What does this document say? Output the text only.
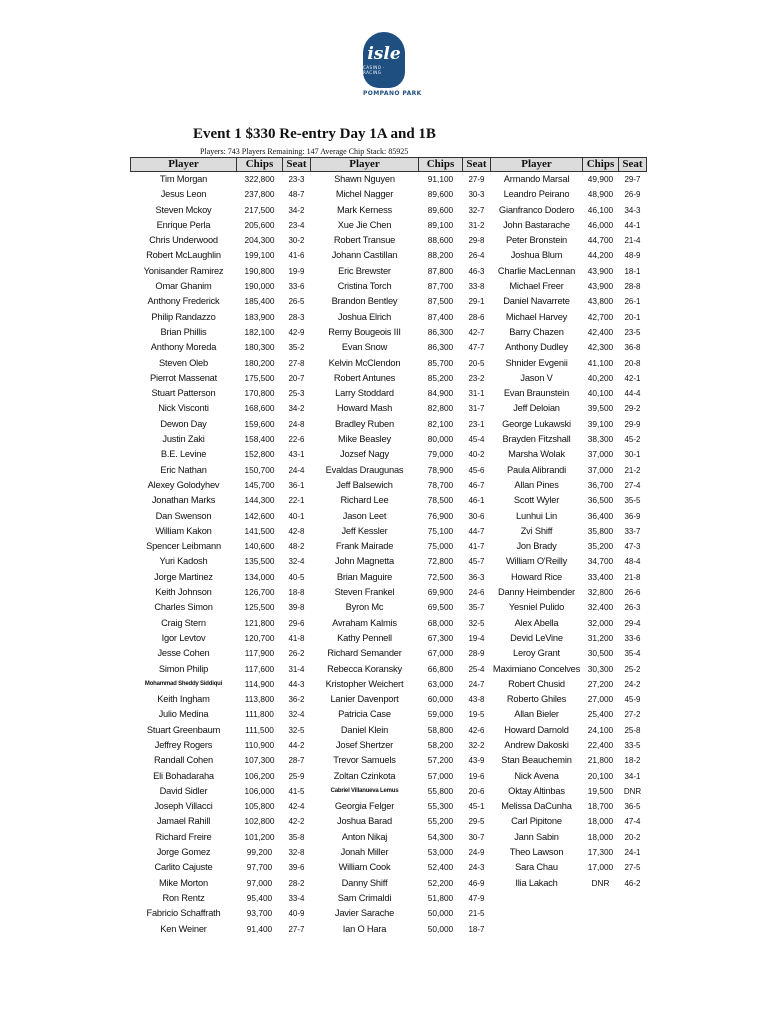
isle
CASINO · RACING
POMPANO PARK
Event 1 $330 Re-entry Day 1A and 1B
Players: 743 Players Remaining: 147 Average Chip Stack: 85925
Player	Chips	Seat	Player	Chips	Seat	Player	Chips	Seat
Tim Morgan	322,800	23-3	Shawn Nguyen	91,100	27-9	Armando Marsal	49,900	29-7
Jesus Leon	237,800	48-7	Michel Nagger	89,600	30-3	Leandro Peirano	48,900	26-9
Steven Mckoy	217,500	34-2	Mark Kerness	89,600	32-7	Gianfranco Dodero	46,100	34-3
Enrique Perla	205,600	23-4	Xue Jie Chen	89,100	31-2	John Bastarache	46,000	44-1
Chris Underwood	204,300	30-2	Robert Transue	88,600	29-8	Peter Bronstein	44,700	21-4
Robert McLaughlin	199,100	41-6	Johann Castillan	88,200	26-4	Joshua Blum	44,200	48-9
Yonisander Ramirez	190,800	19-9	Eric Brewster	87,800	46-3	Charlie MacLennan	43,900	18-1
Omar Ghanim	190,000	33-6	Cristina Torch	87,700	33-8	Michael Freer	43,900	28-8
Anthony Frederick	185,400	26-5	Brandon Bentley	87,500	29-1	Daniel Navarrete	43,800	26-1
Philip Randazzo	183,900	28-3	Joshua Elrich	87,400	28-6	Michael Harvey	42,700	20-1
Brian Phillis	182,100	42-9	Remy Bougeois III	86,300	42-7	Barry Chazen	42,400	23-5
Anthony Moreda	180,300	35-2	Evan Snow	86,300	47-7	Anthony Dudley	42,300	36-8
Steven Oleb	180,200	27-8	Kelvin McClendon	85,700	20-5	Shnider Evgenii	41,100	20-8
Pierrot Massenat	175,500	20-7	Robert Antunes	85,200	23-2	Jason V	40,200	42-1
Stuart Patterson	170,800	25-3	Larry Stoddard	84,900	31-1	Evan Braunstein	40,100	44-4
Nick Visconti	168,600	34-2	Howard Mash	82,800	31-7	Jeff Deloian	39,500	29-2
Dewon Day	159,600	24-8	Bradley Ruben	82,100	23-1	George Lukawski	39,100	29-9
Justin Zaki	158,400	22-6	Mike Beasley	80,000	45-4	Brayden Fitzshall	38,300	45-2
B.E. Levine	152,800	43-1	Jozsef Nagy	79,000	40-2	Marsha Wolak	37,000	30-1
Eric Nathan	150,700	24-4	Evaldas Draugunas	78,900	45-6	Paula Alibrandi	37,000	21-2
Alexey Golodyhev	145,700	36-1	Jeff Balsewich	78,700	46-7	Allan Pines	36,700	27-4
Jonathan Marks	144,300	22-1	Richard Lee	78,500	46-1	Scott Wyler	36,500	35-5
Dan Swenson	142,600	40-1	Jason Leet	76,900	30-6	Lunhui Lin	36,400	36-9
William Kakon	141,500	42-8	Jeff Kessler	75,100	44-7	Zvi Shiff	35,800	33-7
Spencer Leibmann	140,600	48-2	Frank Mairade	75,000	41-7	Jon Brady	35,200	47-3
Yuri Kadosh	135,500	32-4	John Magnetta	72,800	45-7	William O'Reilly	34,700	48-4
Jorge Martinez	134,000	40-5	Brian Maguire	72,500	36-3	Howard Rice	33,400	21-8
Keith Johnson	126,700	18-8	Steven Frankel	69,900	24-6	Danny Heimbender	32,800	26-6
Charles Simon	125,500	39-8	Byron Mc	69,500	35-7	Yesniel Pulido	32,400	26-3
Craig Stern	121,800	29-6	Avraham Kalmis	68,000	32-5	Alex Abella	32,000	29-4
Igor Levtov	120,700	41-8	Kathy Pennell	67,300	19-4	Devid LeVine	31,200	33-6
Jesse Cohen	117,900	26-2	Richard Semander	67,000	28-9	Leroy Grant	30,500	35-4
Simon Philip	117,600	31-4	Rebecca Koransky	66,800	25-4	Maximiano Concelves	30,300	25-2
Mohammad Sheddy Siddiqui	114,900	44-3	Kristopher Weichert	63,000	24-7	Robert Chusid	27,200	24-2
Keith Ingham	113,800	36-2	Lanier Davenport	60,000	43-8	Roberto Ghiles	27,000	45-9
Julio Medina	111,800	32-4	Patricia Case	59,000	19-5	Allan Bieler	25,400	27-2
Stuart Greenbaum	111,500	32-5	Daniel Klein	58,800	42-6	Howard Darnold	24,100	25-8
Jeffrey Rogers	110,900	44-2	Josef Shertzer	58,200	32-2	Andrew Dakoski	22,400	33-5
Randall Cohen	107,300	28-7	Trevor Samuels	57,200	43-9	Stan Beauchemin	21,800	18-2
Eli Bohadaraha	106,200	25-9	Zoltan Czinkota	57,000	19-6	Nick Avena	20,100	34-1
David Sidler	106,000	41-5	Cabriel Villanueva Lemus	55,800	20-6	Oktay Altinbas	19,500	DNR
Joseph Villacci	105,800	42-4	Georgia Felger	55,300	45-1	Melissa DaCunha	18,700	36-5
Jamael Rahill	102,800	42-2	Joshua Barad	55,200	29-5	Carl Pipitone	18,000	47-4
Richard Freire	101,200	35-8	Anton Nikaj	54,300	30-7	Jann Sabin	18,000	20-2
Jorge Gomez	99,200	32-8	Jonah Miller	53,000	24-9	Theo Lawson	17,300	24-1
Carlito Cajuste	97,700	39-6	William Cook	52,400	24-3	Sara Chau	17,000	27-5
Mike Morton	97,000	28-2	Danny Shiff	52,200	46-9	Ilia Lakach	DNR	46-2
Ron Rentz	95,400	33-4	Sam Crimaldi	51,800	47-9			
Fabricio Schaffrath	93,700	40-9	Javier Sarache	50,000	21-5			
Ken Weiner	91,400	27-7	Ian O Hara	50,000	18-7			
